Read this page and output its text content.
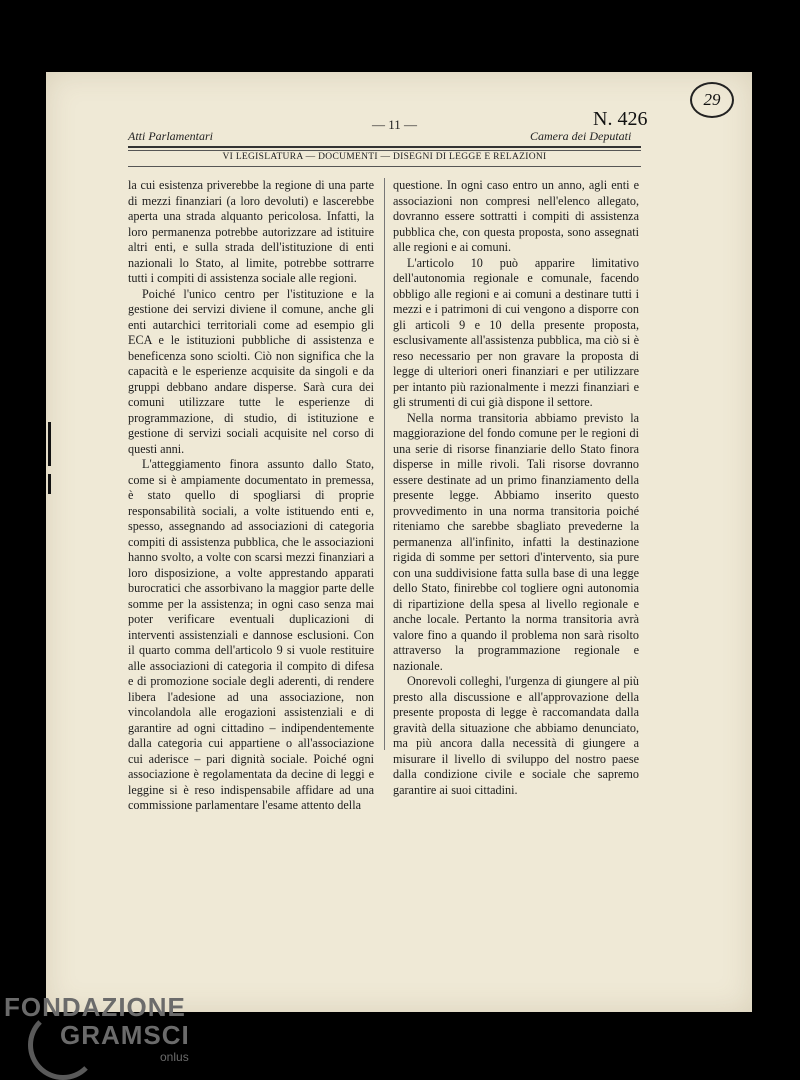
29
— 11 —	N. 426
Atti Parlamentari	Camera dei Deputati
VI LEGISLATURA — DOCUMENTI — DISEGNI DI LEGGE E RELAZIONI

la cui esistenza priverebbe la regione di una parte di mezzi finanziari (a loro devoluti) e lascerebbe aperta una strada alquanto pericolosa. Infatti, la loro permanenza potrebbe autorizzare ad istituire altri enti, e sulla strada dell'istituzione di enti nazionali lo Stato, al limite, potrebbe sottrarre tutti i compiti di assistenza sociale alle regioni.

Poiché l'unico centro per l'istituzione e la gestione dei servizi diviene il comune, anche gli enti autarchici territoriali come ad esempio gli ECA e le istituzioni pubbliche di assistenza e beneficenza sono sciolti. Ciò non significa che la capacità e le esperienze acquisite da singoli e da gruppi debbano andare disperse. Sarà cura dei comuni utilizzare tutte le esperienze di programmazione, di studio, di istituzione e gestione di servizi sociali acquisite nel corso di questi anni.

L'atteggiamento finora assunto dallo Stato, come si è ampiamente documentato in premessa, è stato quello di spogliarsi di proprie responsabilità sociali, a volte istituendo enti e, spesso, assegnando ad associazioni di categoria compiti di assistenza pubblica, che le associazioni hanno svolto, a volte con scarsi mezzi finanziari a loro disposizione, a volte apprestando apparati burocratici che assorbivano la maggior parte delle somme per la assistenza; in ogni caso senza mai poter verificare eventuali duplicazioni di interventi assistenziali e dannose esclusioni. Con il quarto comma dell'articolo 9 si vuole restituire alle associazioni di categoria il compito di difesa e di promozione sociale degli aderenti, di rendere libera l'adesione ad una associazione, non vincolandola alle erogazioni assistenziali e di garantire ad ogni cittadino – indipendentemente dalla categoria cui appartiene o all'associazione cui aderisce – pari dignità sociale. Poiché ogni associazione è regolamentata da decine di leggi e leggine si è reso indispensabile affidare ad una commissione parlamentare l'esame attento della

questione. In ogni caso entro un anno, agli enti e associazioni non compresi nell'elenco allegato, dovranno essere sottratti i compiti di assistenza pubblica che, con questa proposta, sono assegnati alle regioni e ai comuni.

L'articolo 10 può apparire limitativo dell'autonomia regionale e comunale, facendo obbligo alle regioni e ai comuni a destinare tutti i mezzi e i patrimoni di cui vengono a disporre con gli articoli 9 e 10 della presente proposta, esclusivamente all'assistenza pubblica, ma ciò si è reso necessario per non gravare la proposta di legge di ulteriori oneri finanziari e per utilizzare per intanto più razionalmente i mezzi finanziari e gli strumenti di cui già dispone il settore.

Nella norma transitoria abbiamo previsto la maggiorazione del fondo comune per le regioni di una serie di risorse finanziarie dello Stato finora disperse in mille rivoli. Tali risorse dovranno essere destinate ad un primo finanziamento della presente legge. Abbiamo inserito questo provvedimento in una norma transitoria poiché riteniamo che sarebbe sbagliato prevederne la permanenza all'infinito, infatti la destinazione rigida di somme per settori d'intervento, sia pure con una suddivisione fatta sulla base di una legge dello Stato, finirebbe col togliere ogni autonomia di ripartizione della spesa al livello regionale e anche locale. Pertanto la norma transitoria avrà valore fino a quando il problema non sarà risolto attraverso la programmazione regionale e nazionale.

Onorevoli colleghi, l'urgenza di giungere al più presto alla discussione e all'approvazione della presente proposta di legge è raccomandata dalla gravità della situazione che abbiamo denunciato, ma più ancora dalla necessità di giungere a misurare il livello di sviluppo del nostro paese dalla condizione civile e sociale che sapremo garantire ai suoi cittadini.

FONDAZIONE
GRAMSCI
onlus
